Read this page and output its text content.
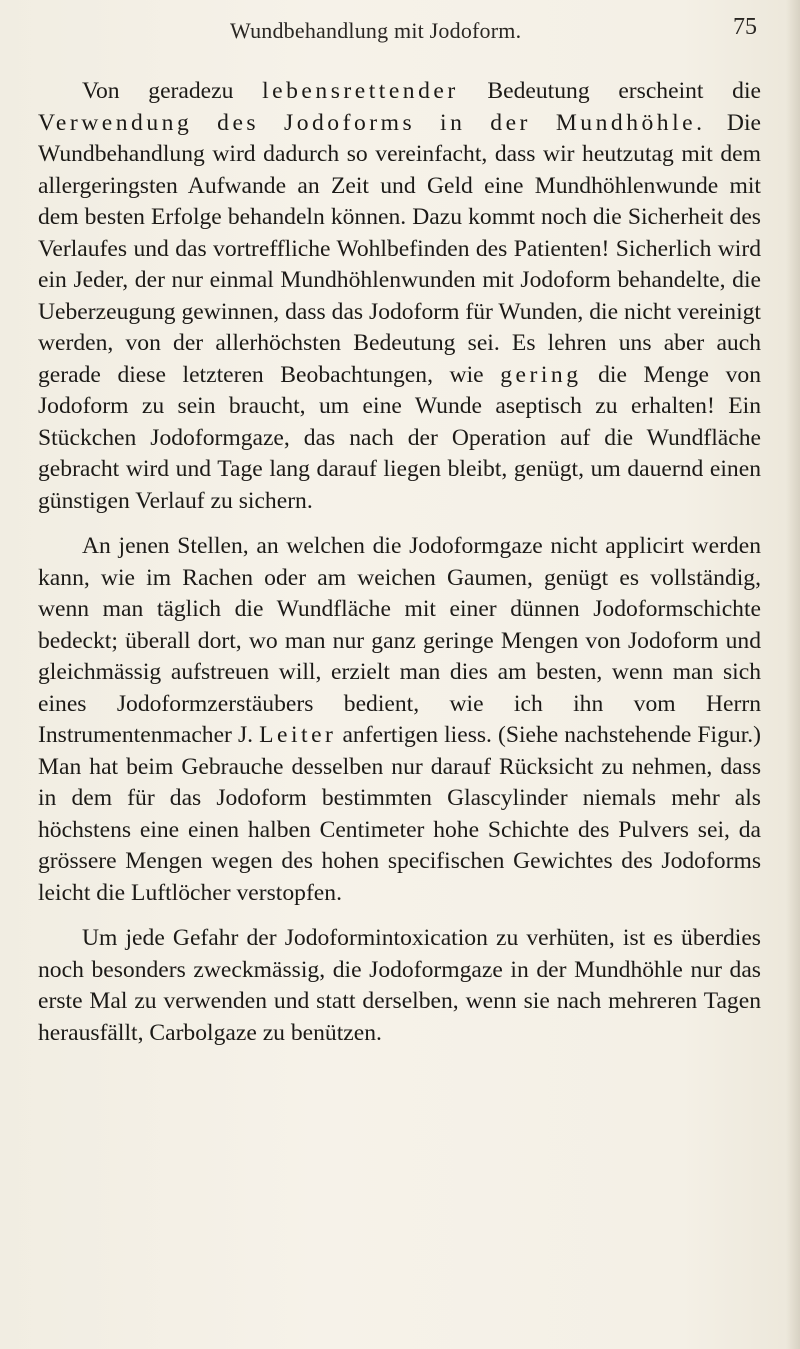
Wundbehandlung mit Jodoform.	75

Von geradezu lebensrettender Bedeutung erscheint die Verwendung des Jodoforms in der Mundhöhle. Die Wundbehandlung wird dadurch so vereinfacht, dass wir heutzutag mit dem allergeringsten Aufwande an Zeit und Geld eine Mundhöhlenwunde mit dem besten Erfolge behandeln können. Dazu kommt noch die Sicherheit des Verlaufes und das vortreffliche Wohlbefinden des Patienten! Sicherlich wird ein Jeder, der nur einmal Mundhöhlenwunden mit Jodoform behandelte, die Ueberzeugung gewinnen, dass das Jodoform für Wunden, die nicht vereinigt werden, von der allerhöchsten Bedeutung sei. Es lehren uns aber auch gerade diese letzteren Beobachtungen, wie gering die Menge von Jodoform zu sein braucht, um eine Wunde aseptisch zu erhalten! Ein Stückchen Jodoformgaze, das nach der Operation auf die Wundfläche gebracht wird und Tage lang darauf liegen bleibt, genügt, um dauernd einen günstigen Verlauf zu sichern.

An jenen Stellen, an welchen die Jodoformgaze nicht applicirt werden kann, wie im Rachen oder am weichen Gaumen, genügt es vollständig, wenn man täglich die Wundfläche mit einer dünnen Jodoformschichte bedeckt; überall dort, wo man nur ganz geringe Mengen von Jodoform und gleichmässig aufstreuen will, erzielt man dies am besten, wenn man sich eines Jodoformzerstäubers bedient, wie ich ihn vom Herrn Instrumentenmacher J. Leiter anfertigen liess. (Siehe nachstehende Figur.) Man hat beim Gebrauche desselben nur darauf Rücksicht zu nehmen, dass in dem für das Jodoform bestimmten Glascylinder niemals mehr als höchstens eine einen halben Centimeter hohe Schichte des Pulvers sei, da grössere Mengen wegen des hohen specifischen Gewichtes des Jodoforms leicht die Luftlöcher verstopfen.

Um jede Gefahr der Jodoformintoxication zu verhüten, ist es überdies noch besonders zweckmässig, die Jodoformgaze in der Mundhöhle nur das erste Mal zu verwenden und statt derselben, wenn sie nach mehreren Tagen herausfällt, Carbolgaze zu benützen.
